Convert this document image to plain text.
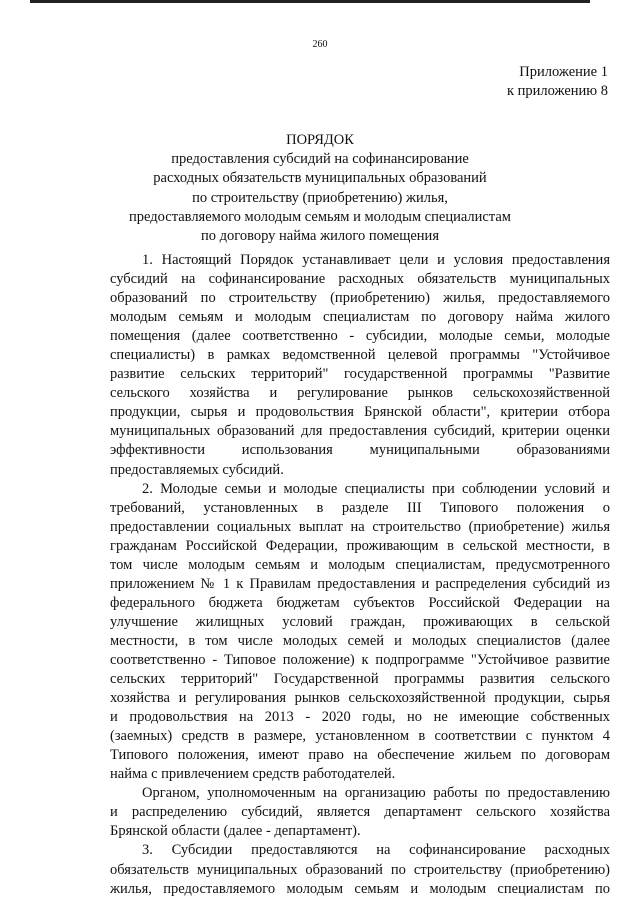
260
Приложение 1
к приложению 8
ПОРЯДОК
предоставления субсидий на софинансирование
расходных обязательств муниципальных образований
по строительству (приобретению) жилья,
предоставляемого молодым семьям и молодым специалистам
по договору найма жилого помещения
1. Настоящий Порядок устанавливает цели и условия предоставления
субсидий на софинансирование расходных обязательств муниципальных
образований по строительству (приобретению) жилья, предоставляемого
молодым семьям и молодым специалистам по договору найма жилого
помещения (далее соответственно - субсидии, молодые семьи, молодые
специалисты) в рамках ведомственной целевой программы "Устойчивое
развитие сельских территорий" государственной программы "Развитие
сельского хозяйства и регулирование рынков сельскохозяйственной
продукции, сырья и продовольствия Брянской области", критерии отбора
муниципальных образований для предоставления субсидий, критерии оценки
эффективности использования муниципальными образованиями
предоставляемых субсидий.
2. Молодые семьи и молодые специалисты при соблюдении условий и
требований, установленных в разделе III Типового положения о
предоставлении социальных выплат на строительство (приобретение) жилья
гражданам Российской Федерации, проживающим в сельской местности, в
том числе молодым семьям и молодым специалистам, предусмотренного
приложением № 1 к Правилам предоставления и распределения субсидий из
федерального бюджета бюджетам субъектов Российской Федерации на
улучшение жилищных условий граждан, проживающих в сельской
местности, в том числе молодых семей и молодых специалистов (далее
соответственно - Типовое положение) к подпрограмме "Устойчивое развитие
сельских территорий" Государственной программы развития сельского
хозяйства и регулирования рынков сельскохозяйственной продукции, сырья
и продовольствия на 2013 - 2020 годы, но не имеющие собственных
(заемных) средств в размере, установленном в соответствии с пунктом 4
Типового положения, имеют право на обеспечение жильем по договорам
найма с привлечением средств работодателей.
Органом, уполномоченным на организацию работы по предоставлению
и распределению субсидий, является департамент сельского хозяйства
Брянской области (далее - департамент).
3. Субсидии предоставляются на софинансирование расходных
обязательств муниципальных образований по строительству (приобретению)
жилья, предоставляемого молодым семьям и молодым специалистам по
